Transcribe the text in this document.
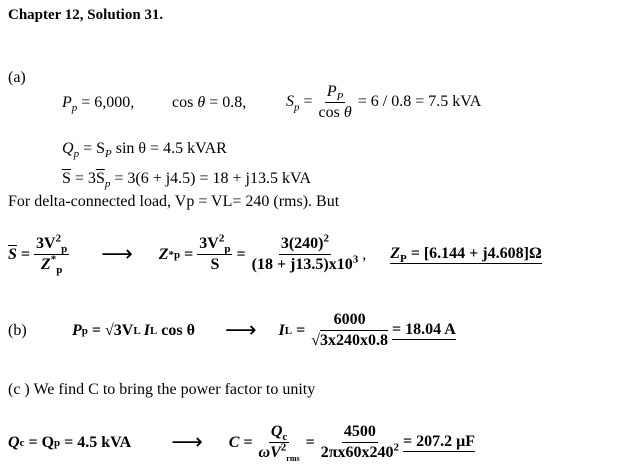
Chapter 12, Solution 31.
(a)
$P_p = 6,000$, cos θ = 0.8, $S_p = \frac{P_P}{\text{cos θ}} = 6 / 0.8 = 7.5$ kVA
$Q_p = S_P$ sin θ = 4.5 kVAR
$\overline{S} = 3\overline{S}_p = 3(6 + j4.5) = 18 + j13.5$ kVA
For delta-connected load, Vp = VL= 240 (rms). But
$\overline{S} = \frac{3V^2_p}{Z^*_p}$ ⟶ $Z * p = \frac{3V^2_p}{S} = \frac{3(240)^2}{(18 + j13.5)x10^3}$ , $Z_P = [6.144 + j4.608]\Omega$
(b)	P p = √3V L I L cos θ ⟶ I $L = \frac{6000}{√3x240x0.8} = 18.04$ A
(c ) We find C to bring the power factor to unity
Q c = Q p = 4.5 kVA ⟶ $C = \frac{Q_c}{\omega V^2_{rms}} = \frac{4500}{2\pi x60x240^2} = 207.2$ μF
